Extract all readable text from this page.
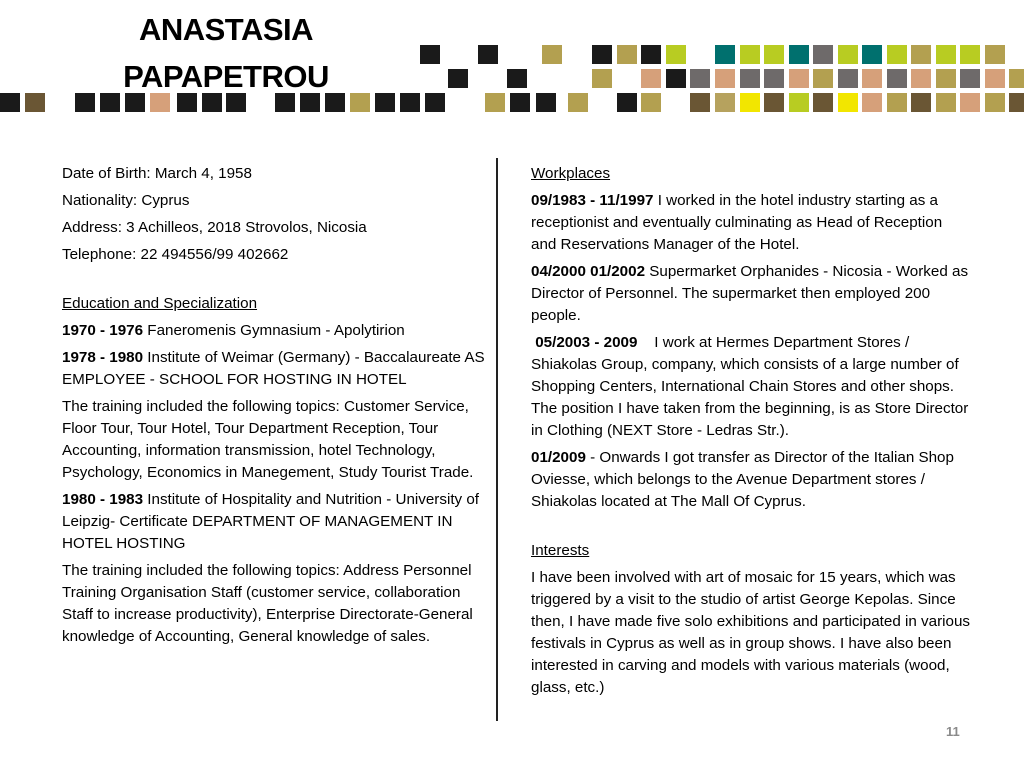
ANASTASIA
PAPAPETROU

Date of Birth: March 4, 1958

Nationality: Cyprus

Address: 3 Achilleos, 2018 Strovolos, Nicosia

Telephone: 22 494556/99 402662

Education and Specialization

1970 - 1976 Faneromenis Gymnasium - Apolytirion

1978 - 1980 Institute of Weimar (Germany) - Baccalaureate AS EMPLOYEE - SCHOOL FOR HOSTING IN HOTEL

The training included the following topics: Customer Service, Floor Tour, Tour Hotel, Tour Department Reception, Tour Accounting, information transmission, hotel Technology, Psychology, Economics in Manegement, Study Tourist Trade.

1980 - 1983 Institute of Hospitality and Nutrition - University of Leipzig- Certificate DEPARTMENT OF MANAGEMENT IN HOTEL HOSTING

The training included the following topics: Address Personnel Training Organisation Staff (customer service, collaboration Staff to increase productivity), Enterprise Directorate-General knowledge of Accounting, General knowledge of sales.

Workplaces

09/1983 - 11/1997 I worked in the hotel industry starting as a receptionist and eventually culminating as Head of Reception and Reservations Manager of the Hotel.

04/2000 01/2002 Supermarket Orphanides - Nicosia - Worked as Director of Personnel. The supermarket then employed 200 people.

05/2003 - 2009    I work at Hermes Department Stores / Shiakolas Group, company, which consists of a large number of Shopping Centers, International Chain Stores and other shops. The position I have taken from the beginning, is as Store Director  in Clothing (NEXT Store - Ledras Str.).

01/2009 - Onwards I got transfer as Director of the Italian Shop Oviesse, which belongs to the Avenue Department stores / Shiakolas located at The Mall Of Cyprus.

Interests

I have been involved with art of mosaic for 15 years, which was triggered by a visit to the studio of artist George Kepolas. Since then, I have made five solo exhibitions and participated in various festivals in Cyprus as well as in group shows. I have also been interested in carving and models with various materials (wood, glass, etc.)

11
